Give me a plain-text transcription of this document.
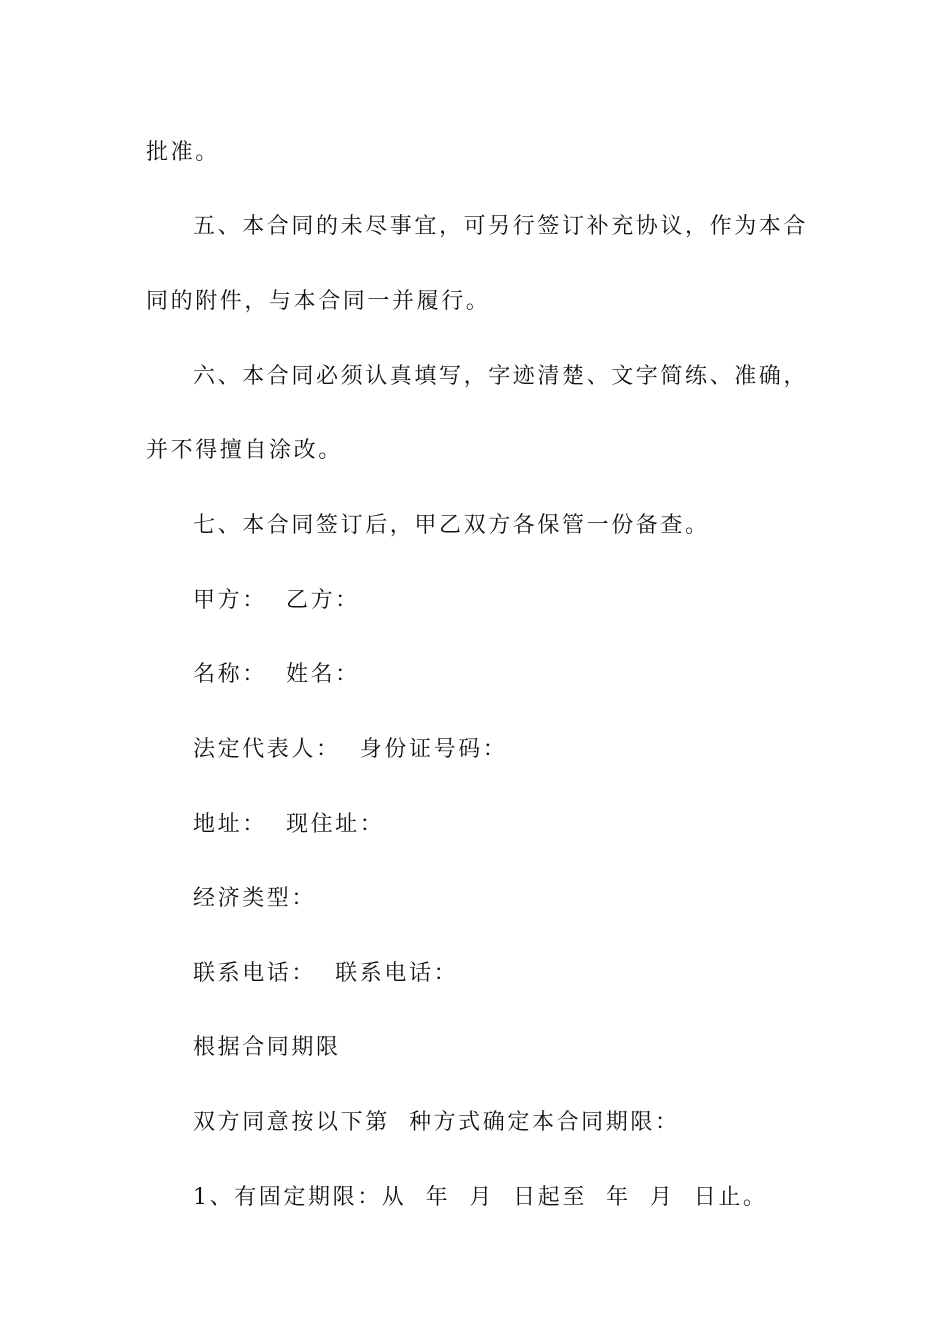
批准。
五、本合同的未尽事宜，可另行签订补充协议，作为本合
同的附件，与本合同一并履行。
六、本合同必须认真填写，字迹清楚、文字简练、准确，
并不得擅自涂改。
七、本合同签订后，甲乙双方各保管一份备查。
甲方：  乙方：
名称：  姓名：
法定代表人：  身份证号码：
地址：  现住址：
经济类型：
联系电话：  联系电话：
根据合同期限
双方同意按以下第  种方式确定本合同期限：
1、有固定期限：从  年  月  日起至  年  月  日止。
